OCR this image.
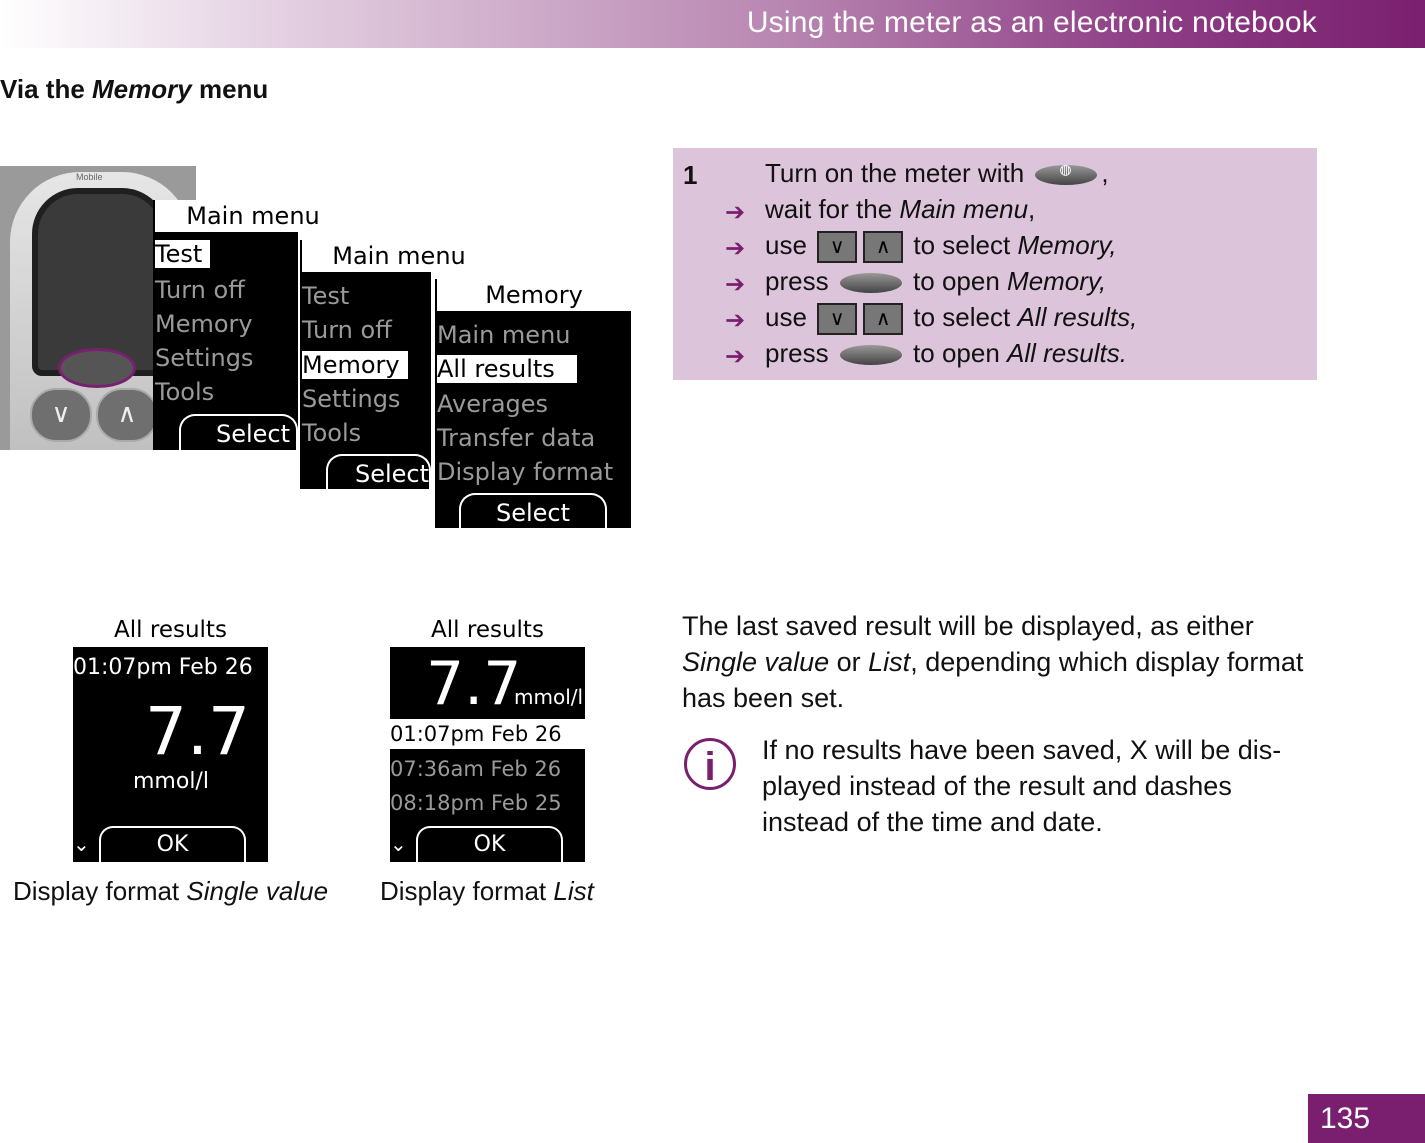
Using the meter as an electronic notebook
Via the Memory menu
Mobile
∨	∧
Main menu
Test
Turn off
Memory
Settings
Tools
Select
Main menu
Test
Turn off
Memory
Settings
Tools
Select
Memory
Main menu
All results
Averages
Transfer data
Display format
Select
1	Turn on the meter with ◍	,
➔ wait for the Main menu,
➔ use ∨ ∧ to select Memory,
➔ press	to open Memory,
➔ use ∨ ∧ to select All results,
➔ press	to open All results.
All results
01:07pm Feb 26
7.7
mmol/l
⌄	OK
Display format Single value
All results
7.7
mmol/l
01:07pm Feb 26
07:36am Feb 26
08:18pm Feb 25
⌄	OK
Display format List
The last saved result will be displayed, as either Single value or List, depending which display format has been set.
i	If no results have been saved, X will be dis-played instead of the result and dashes instead of the time and date.
135
